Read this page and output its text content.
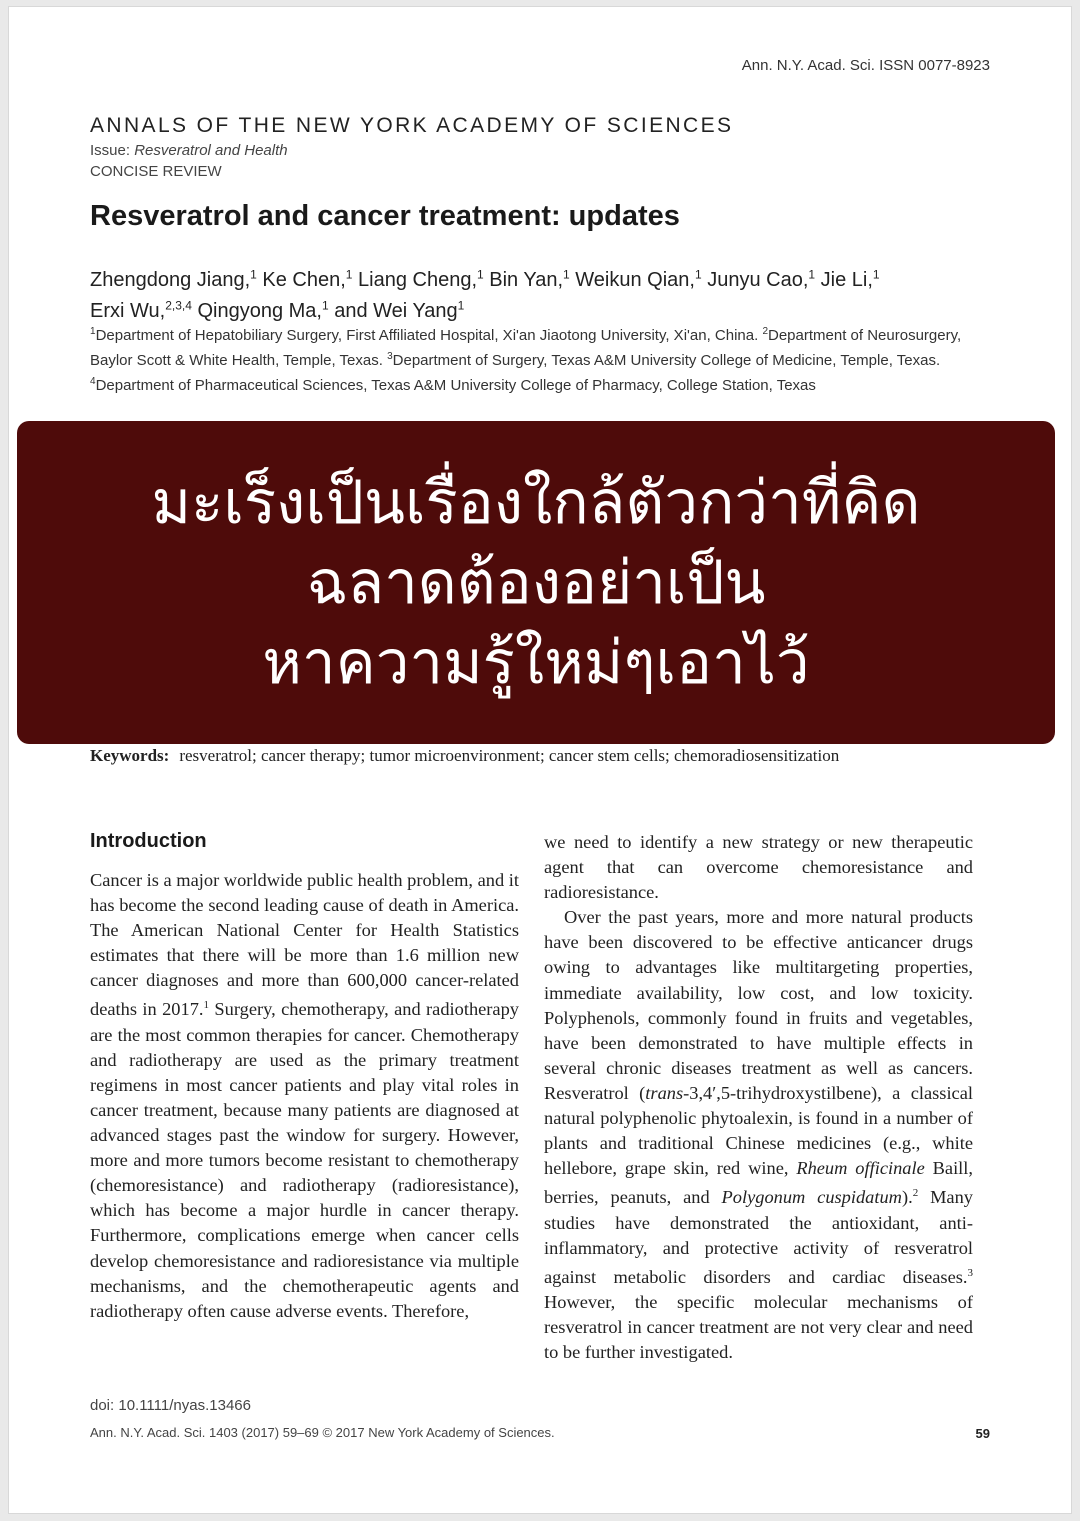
Ann. N.Y. Acad. Sci. ISSN 0077-8923
ANNALS OF THE NEW YORK ACADEMY OF SCIENCES
Issue: Resveratrol and Health
CONCISE REVIEW
Resveratrol and cancer treatment: updates
Zhengdong Jiang,$^1$ Ke Chen,$^1$ Liang Cheng,$^1$ Bin Yan,$^1$ Weikun Qian,$^1$ Junyu Cao,$^1$ Jie Li,$^1$
Erxi Wu,$^{2,3,4}$ Qingyong Ma,$^1$ and Wei Yang$^1$
$^1$Department of Hepatobiliary Surgery, First Affiliated Hospital, Xi'an Jiaotong University, Xi'an, China. $^2$Department of Neurosurgery, Baylor Scott & White Health, Temple, Texas. $^3$Department of Surgery, Texas A&M University College of Medicine, Temple, Texas. $^4$Department of Pharmaceutical Sciences, Texas A&M University College of Pharmacy, College Station, Texas
มะเร็งเป็นเรื่องใกล้ตัวกว่าที่คิด
ฉลาดต้องอย่าเป็น
หาความรู้ใหม่ๆเอาไว้
Keywords: resveratrol; cancer therapy; tumor microenvironment; cancer stem cells; chemoradiosensitization
Introduction

Cancer is a major worldwide public health problem, and it has become the second leading cause of death in America. The American National Center for Health Statistics estimates that there will be more than 1.6 million new cancer diagnoses and more than 600,000 cancer-related deaths in 2017.$^1$ Surgery, chemotherapy, and radiotherapy are the most common therapies for cancer. Chemotherapy and radiotherapy are used as the primary treatment regimens in most cancer patients and play vital roles in cancer treatment, because many patients are diagnosed at advanced stages past the window for surgery. However, more and more tumors become resistant to chemotherapy (chemoresistance) and radiotherapy (radioresistance), which has become a major hurdle in cancer therapy. Furthermore, complications emerge when cancer cells develop chemoresistance and radioresistance via multiple mechanisms, and the chemotherapeutic agents and radiotherapy often cause adverse events. Therefore,

we need to identify a new strategy or new therapeutic agent that can overcome chemoresistance and radioresistance.

Over the past years, more and more natural products have been discovered to be effective anticancer drugs owing to advantages like multitargeting properties, immediate availability, low cost, and low toxicity. Polyphenols, commonly found in fruits and vegetables, have been demonstrated to have multiple effects in several chronic diseases treatment as well as cancers. Resveratrol (trans-3,4′,5-trihydroxystilbene), a classical natural polyphenolic phytoalexin, is found in a number of plants and traditional Chinese medicines (e.g., white hellebore, grape skin, red wine, Rheum officinale Baill, berries, peanuts, and Polygonum cuspidatum).$^2$ Many studies have demonstrated the antioxidant, anti-inflammatory, and protective activity of resveratrol against metabolic disorders and cardiac diseases.$^3$ However, the specific molecular mechanisms of resveratrol in cancer treatment are not very clear and need to be further investigated.

doi: 10.1111/nyas.13466
Ann. N.Y. Acad. Sci. 1403 (2017) 59–69 © 2017 New York Academy of Sciences.	59
